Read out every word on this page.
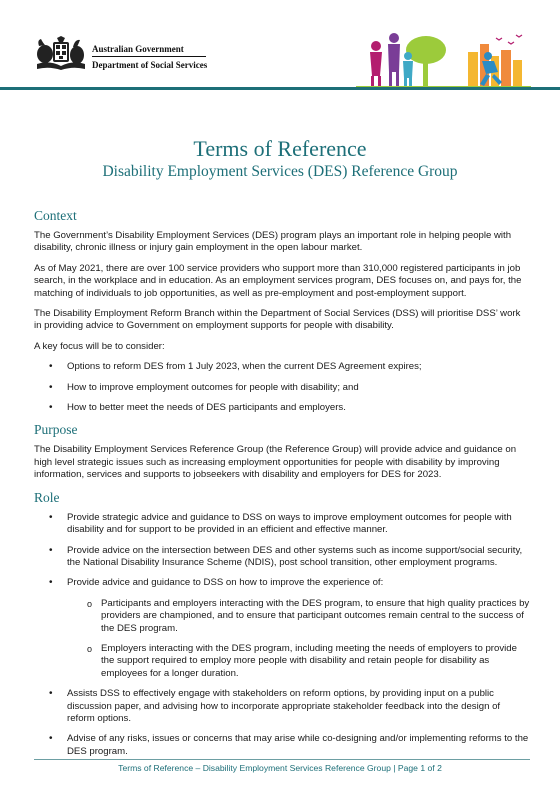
Australian Government
Department of Social Services
Terms of Reference
Disability Employment Services (DES) Reference Group
Context

The Government’s Disability Employment Services (DES) program plays an important role in helping people with disability, chronic illness or injury gain employment in the open labour market.

As of May 2021, there are over 100 service providers who support more than 310,000 registered participants in job search, in the workplace and in education. As an employment services program, DES focuses on, and pays for, the matching of individuals to job opportunities, as well as pre-employment and post-employment support.

The Disability Employment Reform Branch within the Department of Social Services (DSS) will prioritise DSS’ work in providing advice to Government on employment supports for people with disability.

A key focus will be to consider:

• Options to reform DES from 1 July 2023, when the current DES Agreement expires;
• How to improve employment outcomes for people with disability; and
• How to better meet the needs of DES participants and employers.
Purpose

The Disability Employment Services Reference Group (the Reference Group) will provide advice and guidance on high level strategic issues such as increasing employment opportunities for people with disability by improving information, services and supports to jobseekers with disability and employers for DES for 2023.

Role
• Provide strategic advice and guidance to DSS on ways to improve employment outcomes for people with disability and for support to be provided in an efficient and effective manner.
• Provide advice on the intersection between DES and other systems such as income support/social security, the National Disability Insurance Scheme (NDIS), post school transition, other employment programs.
• Provide advice and guidance to DSS on how to improve the experience of:
o Participants and employers interacting with the DES program, to ensure that high quality practices by providers are championed, and to ensure that participant outcomes remain central to the success of the DES program.
o Employers interacting with the DES program, including meeting the needs of employers to provide the support required to employ more people with disability and retain people for disability as employees for a longer duration.
• Assists DSS to effectively engage with stakeholders on reform options, by providing input on a public discussion paper, and advising how to incorporate appropriate stakeholder feedback into the design of reform options.
• Advise of any risks, issues or concerns that may arise while co-designing and/or implementing reforms to the DES program.
Terms of Reference – Disability Employment Services Reference Group | Page 1 of 2
